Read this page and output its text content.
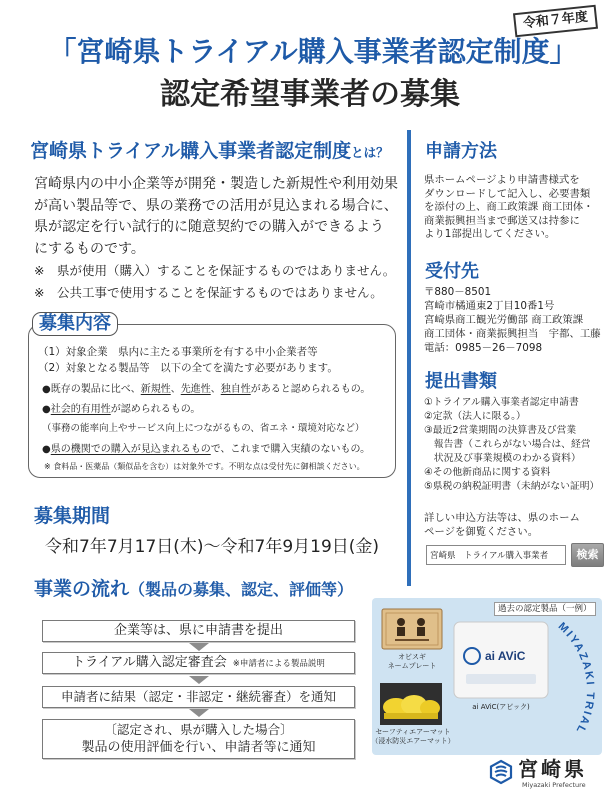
令和７年度
「宮崎県トライアル購入事業者認定制度」
認定希望事業者の募集
宮崎県トライアル購入事業者認定制度とは？
宮崎県内の中小企業等が開発・製造した新規性や利用効果
が高い製品等で、県の業務での活用が見込まれる場合に、
県が認定を行い試行的に随意契約での購入ができるよう
にするものです。
※　県が使用（購入）することを保証するものではありません。
※　公共工事で使用することを保証するものではありません。
募集内容
（1）対象企業　県内に主たる事業所を有する中小企業者等
（2）対象となる製品等　以下の全てを満たす必要があります。
●既存の製品に比べ、新規性、先進性、独自性があると認められるもの。
●社会的有用性が認められるもの。
（事務の能率向上やサービス向上につながるもの、省エネ・環境対応など）
●県の機関での購入が見込まれるもので、これまで購入実績のないもの。
※ 食料品・医薬品（類似品を含む）は対象外です。不明な点は受付先に御相談ください。
募集期間
令和7年7月17日(木)～令和7年9月19日(金)
事業の流れ（製品の募集、認定、評価等）
企業等は、県に申請書を提出
トライアル購入認定審査会 ※申請者による製品説明
申請者に結果（認定・非認定・継続審査）を通知
〔認定され、県が購入した場合〕
製品の使用評価を行い、申請者等に通知
申請方法
県ホームページより申請書様式を
ダウンロードして記入し、必要書類
を添付の上、商工政策課 商工団体・
商業振興担当まで郵送又は持参に
より1部提出してください。
受付先
〒880－8501
宮崎市橘通東2丁目10番1号
宮崎県商工観光労働部 商工政策課
商工団体・商業振興担当　宇都、工藤
電話：0985－26－7098
提出書類
①トライアル購入事業者認定申請書
②定款（法人に限る。）
③最近2営業期間の決算書及び営業
報告書（これらがない場合は、経営
状況及び事業規模のわかる資料）
④その他新商品に関する資料
⑤県税の納税証明書（未納がない証明）
詳しい申込方法等は、県のホーム
ページを御覧ください。
宮崎県　トライアル購入事業者
検索
過去の認定製品（一例）
オビスギ
ネームプレート
ai AViC
ai AViC(アビック)
セーフティエアーマット
（浸水防災エアーマット）
MIYAZAKI TRIAL
宮崎県
Miyazaki Prefecture
